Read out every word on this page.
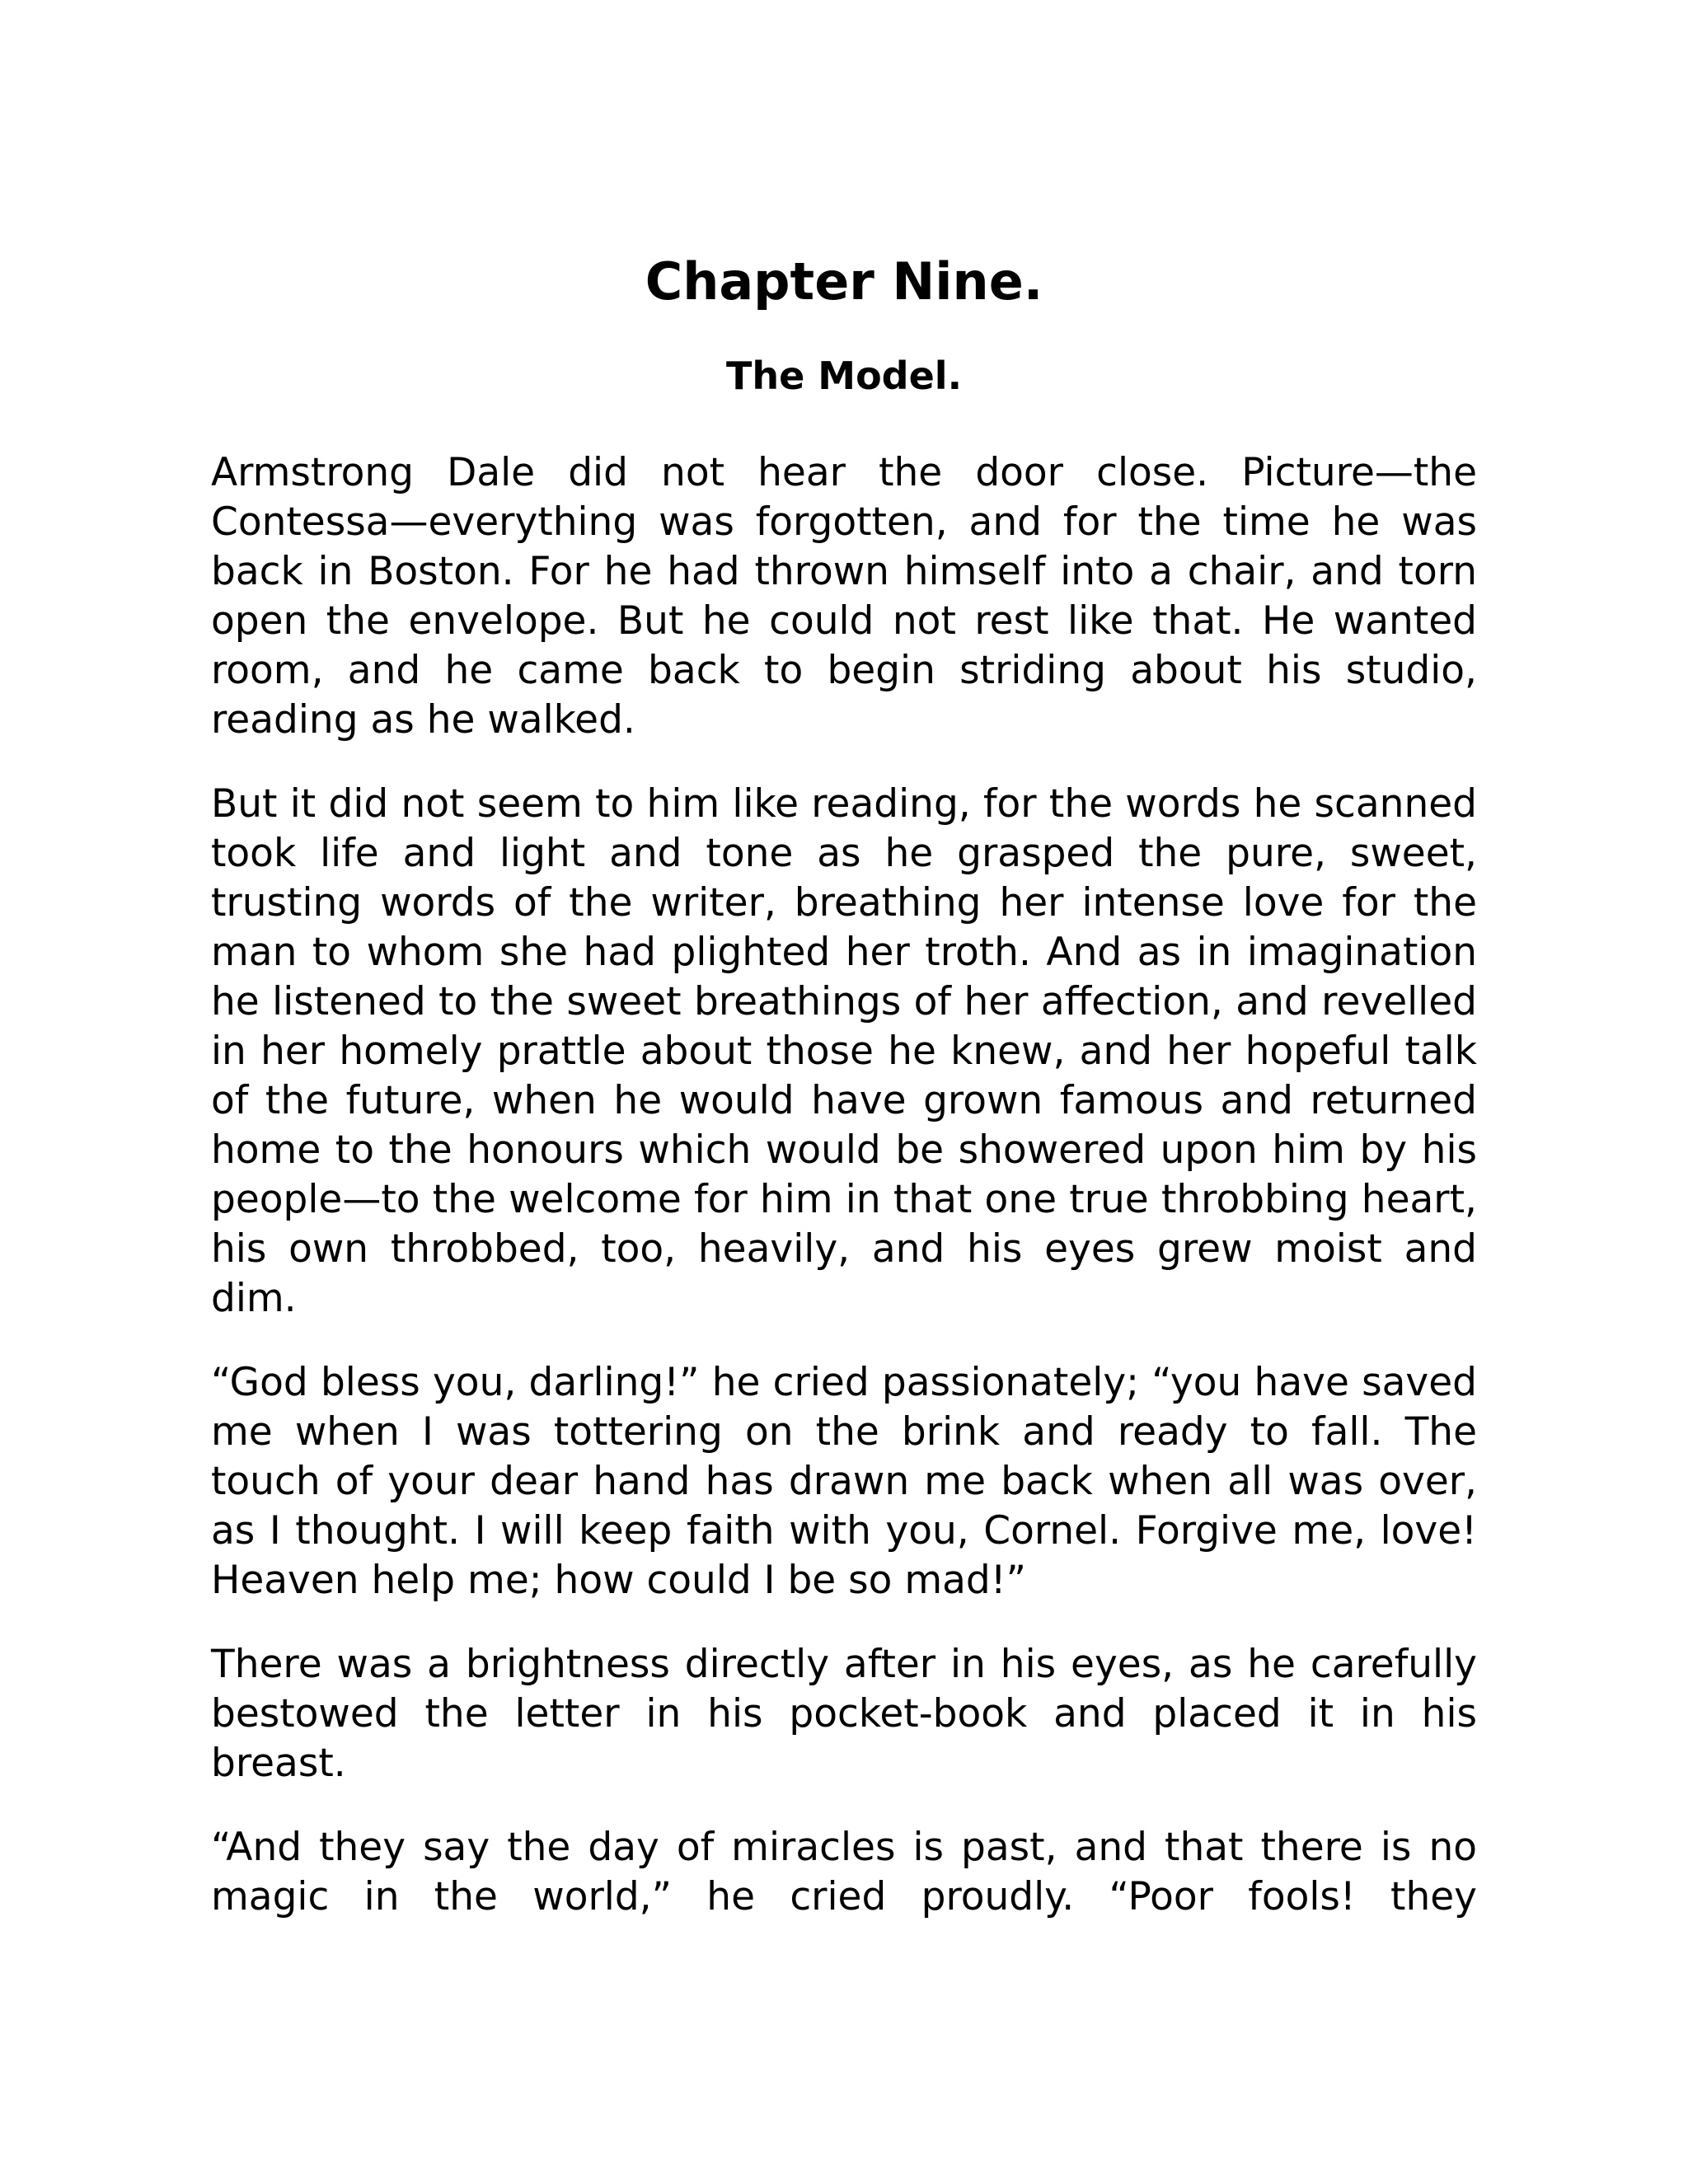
Chapter Nine.
The Model.

Armstrong Dale did not hear the door close. Picture—the Contessa—everything was forgotten, and for the time he was back in Boston. For he had thrown himself into a chair, and torn open the envelope. But he could not rest like that. He wanted room, and he came back to begin striding about his studio, reading as he walked.

But it did not seem to him like reading, for the words he scanned took life and light and tone as he grasped the pure, sweet, trusting words of the writer, breathing her intense love for the man to whom she had plighted her troth. And as in imagination he listened to the sweet breathings of her affection, and revelled in her homely prattle about those he knew, and her hopeful talk of the future, when he would have grown famous and returned home to the honours which would be showered upon him by his people—to the welcome for him in that one true throbbing heart, his own throbbed, too, heavily, and his eyes grew moist and dim.

“God bless you, darling!” he cried passionately; “you have saved me when I was tottering on the brink and ready to fall. The touch of your dear hand has drawn me back when all was over, as I thought. I will keep faith with you, Cornel. Forgive me, love! Heaven help me; how could I be so mad!”

There was a brightness directly after in his eyes, as he carefully bestowed the letter in his pocket-book and placed it in his breast.

“And they say the day of miracles is past, and that there is no magic in the world,” he cried proudly. “Poor fools! they
